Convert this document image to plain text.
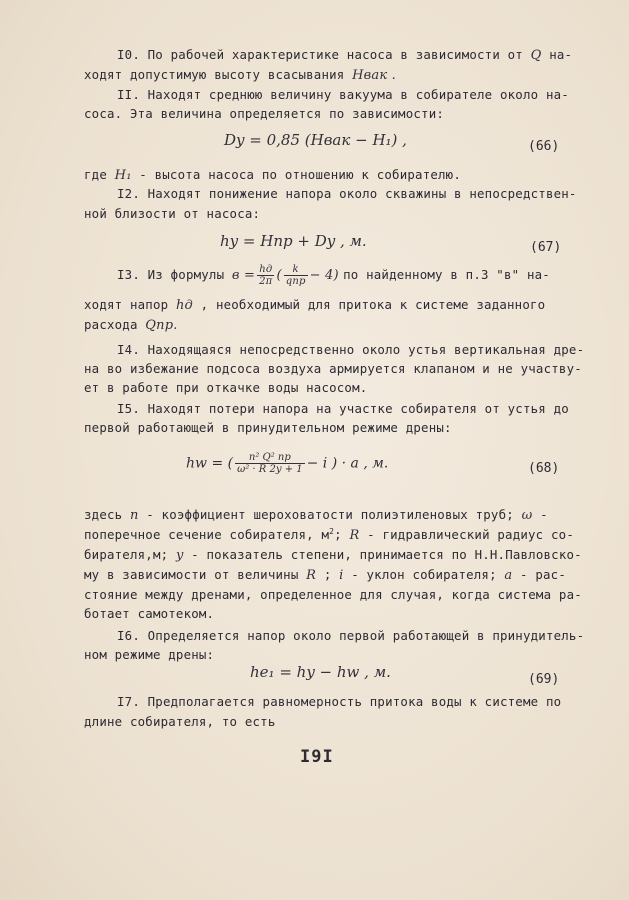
I0. По рабочей характеристике насоса в зависимости от Q на-
ходят допустимую высоту всасывания Hвак .
II. Находят среднюю величину вакуума в собирателе около на-
соса. Эта величина определяется по зависимости:
Dy = 0,85 (Hвак − H₁) ,	(66)
где H₁ - высота насоса по отношению к собирателю.
I2. Находят понижение напора около скважины в непосредствен-
ной близости от насоса:
hy = Hпр + Dy , м.	(67)
I3. Из формулы $в = \frac{hд}{2\pi}$ ( $\frac{k}{\text{qпр}} - 4$) по найденному в п.3 "в" на-
ходят напор hд , необходимый для притока к системе заданного
расхода Qпр.
I4. Находящаяся непосредственно около устья вертикальная дре-
на во избежание подсоса воздуха армируется клапаном и не участву-
ет в работе при откачке воды насосом.
I5. Находят потери напора на участке собирателя от устья до
первой работающей в принудительном режиме дрены:
hw = ( $\frac{\text{n² Q² пр}}{\text{ω² · R 2y + 1}} - i$ ) · a , м.	(68)
здесь n - коэффициент шероховатости полиэтиленовых труб; ω -
поперечное сечение собирателя, $м^2$; R - гидравлический радиус со-
бирателя,м; y - показатель степени, принимается по Н.Н.Павловско-
му в зависимости от величины R ; i - уклон собирателя; a - рас-
стояние между дренами, определенное для случая, когда система ра-
ботает самотеком.
I6. Определяется напор около первой работающей в принудитель-
ном режиме дрены:
he₁ = hy − hw , м.	(69)
I7. Предполагается равномерность притока воды к системе по
длине собирателя, то есть
I9I
